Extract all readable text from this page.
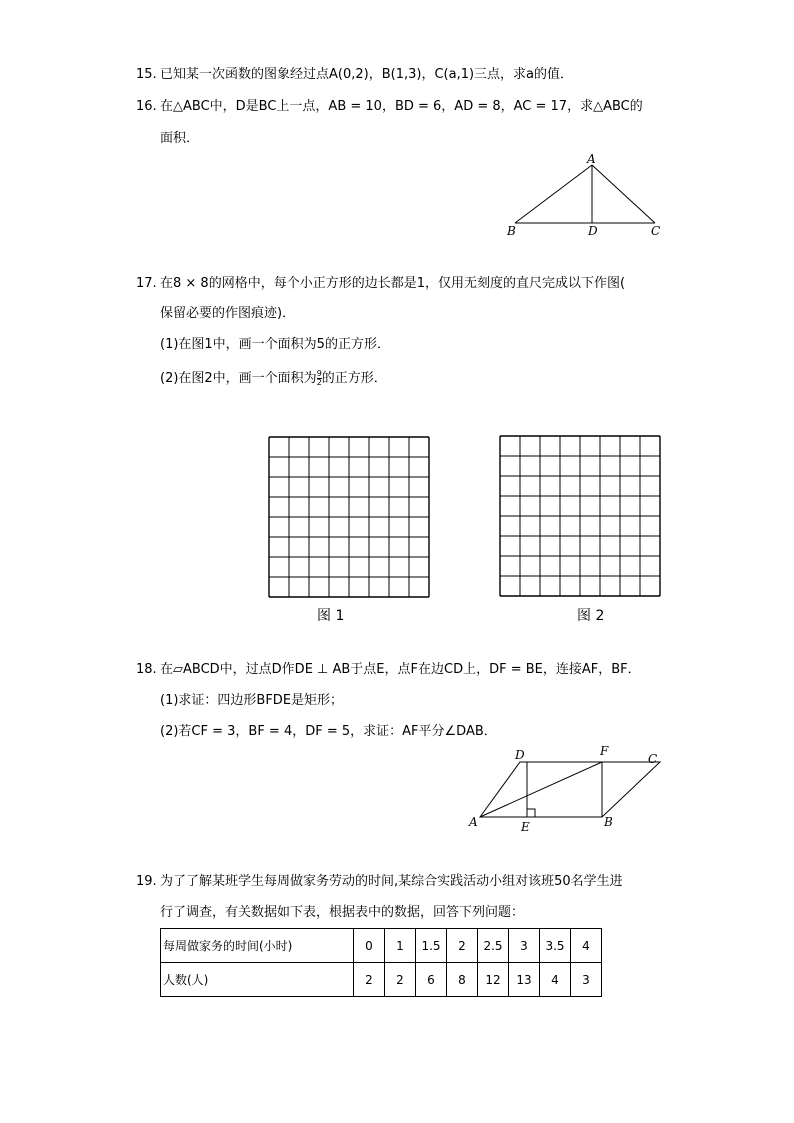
15. 已知某一次函数的图象经过点A(0,2)，B(1,3)，C(a,1)三点，求a的值．
16. 在△ABC中，D是BC上一点，AB = 10，BD = 6，AD = 8，AC = 17，求△ABC的
面积．
A
B	D	C
17. 在8 × 8的网格中，每个小正方形的边长都是1，仅用无刻度的直尺完成以下作图(
保留必要的作图痕迹)．
(1)在图1中，画一个面积为5的正方形．
(2)在图2中，画一个面积为 $\frac{9}{2}$ 的正方形．
图 1	图 2
18. 在▱ABCD中，过点D作DE ⊥ AB于点E，点F在边CD上，DF = BE，连接AF，BF．
(1)求证：四边形BFDE是矩形；
(2)若CF = 3，BF = 4，DF = 5，求证：AF平分∠DAB．
A
D
E
F
C
B
19. 为了了解某班学生每周做家务劳动的时间,某综合实践活动小组对该班50名学生进
行了调查，有关数据如下表，根据表中的数据，回答下列问题：
每周做家务的时间(小时)	0	1	1.5	2	2.5	3	3.5	4
人数(人)	2	2	6	8	12	13	4	3
